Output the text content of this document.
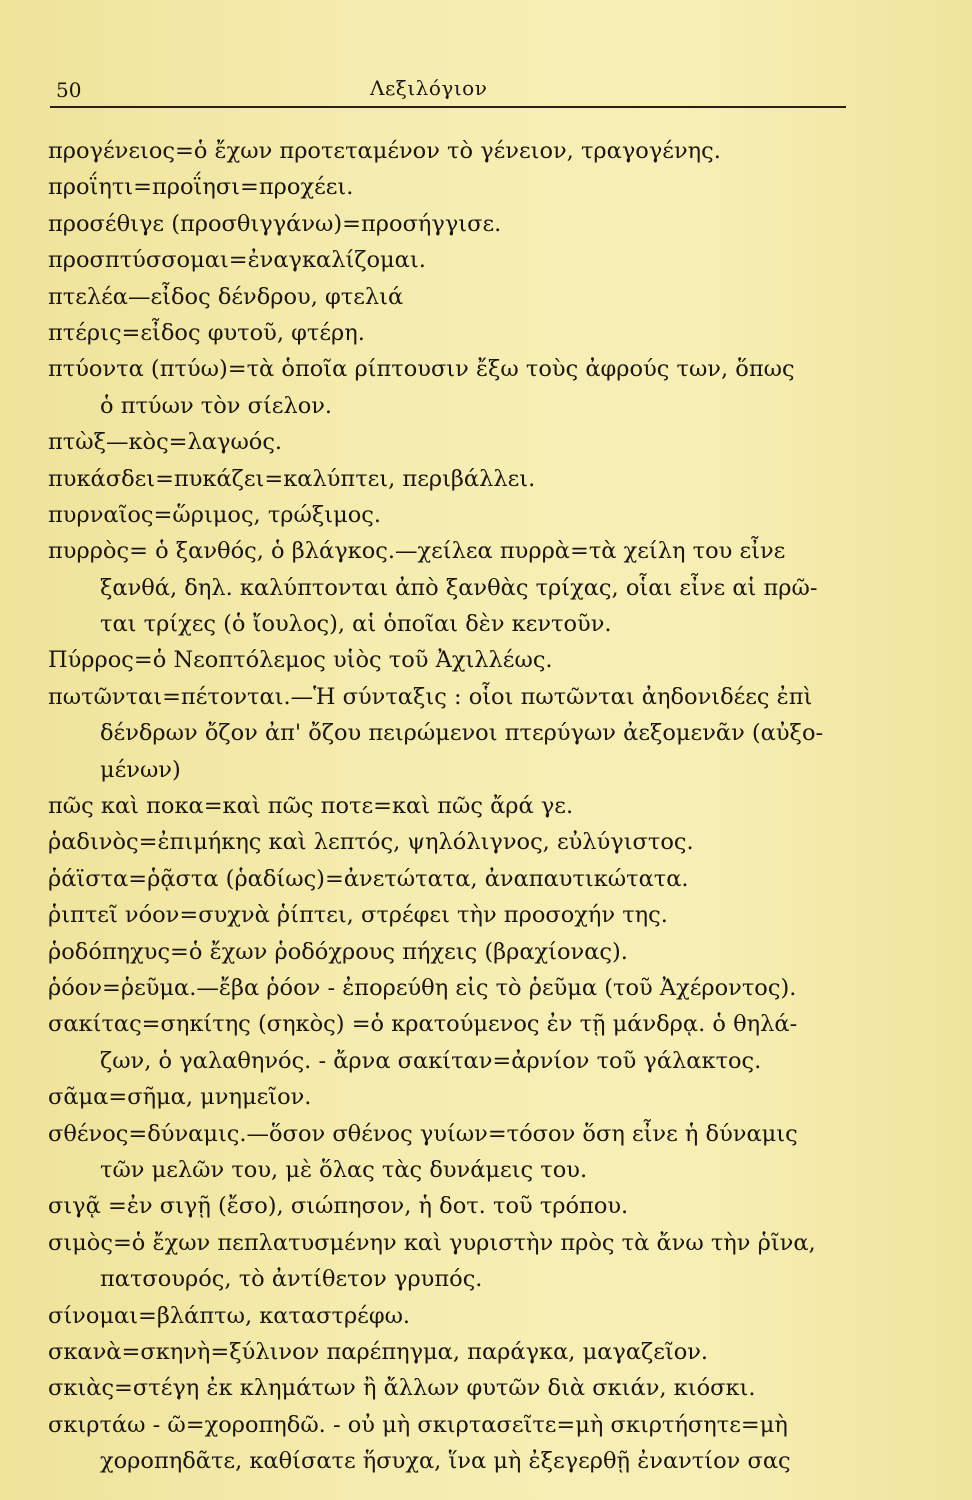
50	Λεξιλόγιον
προγένειος=ὁ ἔχων προτεταμένον τὸ γένειον, τραγογένης.
προΐητι=προΐησι=προχέει.
προσέθιγε (προσθιγγάνω)=προσήγγισε.
προσπτύσσομαι=ἐναγκαλίζομαι.
πτελέα—εἶδος δένδρου, φτελιά
πτέρις=εἶδος φυτοῦ, φτέρη.
πτύοντα (πτύω)=τὰ ὁποῖα ρίπτουσιν ἔξω τοὺς ἀφρούς των, ὅπως
ὁ πτύων τὸν σίελον.
πτὼξ—κὸς=λαγωός.
πυκάσδει=πυκάζει=καλύπτει, περιβάλλει.
πυρναῖος=ὥριμος, τρώξιμος.
πυρρὸς= ὁ ξανθός, ὁ βλάγκος.—χείλεα πυρρὰ=τὰ χείλη του εἶνε
ξανθά, δηλ. καλύπτονται ἀπὸ ξανθὰς τρίχας, οἷαι εἶνε αἱ πρῶ-
ται τρίχες (ὁ ἴουλος), αἱ ὁποῖαι δὲν κεντοῦν.
Πύρρος=ὁ Νεοπτόλεμος υἱὸς τοῦ Ἀχιλλέως.
πωτῶνται=πέτονται.—Ἡ σύνταξις : οἷοι πωτῶνται ἀηδονιδέες ἐπὶ
δένδρων ὄζον ἀπ' ὄζου πειρώμενοι πτερύγων ἀεξομενᾶν (αὐξο-
μένων)
πῶς καὶ ποκα=καὶ πῶς ποτε=καὶ πῶς ἄρά γε.
ῥαδινὸς=ἐπιμήκης καὶ λεπτός, ψηλόλιγνος, εὐλύγιστος.
ῥάϊστα=ῥᾷστα (ῥαδίως)=ἀνετώτατα, ἀναπαυτικώτατα.
ῥιπτεῖ νόον=συχνὰ ῥίπτει, στρέφει τὴν προσοχήν της.
ῥοδόπηχυς=ὁ ἔχων ῥοδόχρους πήχεις (βραχίονας).
ῥόον=ῥεῦμα.—ἔβα ῥόον - ἐπορεύθη εἰς τὸ ῥεῦμα (τοῦ Ἀχέροντος).
σακίτας=σηκίτης (σηκὸς) =ὁ κρατούμενος ἐν τῇ μάνδρᾳ. ὁ θηλά-
ζων, ὁ γαλαθηνός. - ἄρνα σακίταν=ἀρνίον τοῦ γάλακτος.
σᾶμα=σῆμα, μνημεῖον.
σθένος=δύναμις.—ὅσον σθένος γυίων=τόσον ὅση εἶνε ἡ δύναμις
τῶν μελῶν του, μὲ ὅλας τὰς δυνάμεις του.
σιγᾷ =ἐν σιγῇ (ἔσο), σιώπησον, ἡ δοτ. τοῦ τρόπου.
σιμὸς=ὁ ἔχων πεπλατυσμένην καὶ γυριστὴν πρὸς τὰ ἄνω τὴν ῥῖνα,
πατσουρός, τὸ ἀντίθετον γρυπός.
σίνομαι=βλάπτω, καταστρέφω.
σκανὰ=σκηνὴ=ξύλινον παρέπηγμα, παράγκα, μαγαζεῖον.
σκιὰς=στέγη ἐκ κλημάτων ἢ ἄλλων φυτῶν διὰ σκιάν, κιόσκι.
σκιρτάω - ῶ=χοροπηδῶ. - οὐ μὴ σκιρτασεῖτε=μὴ σκιρτήσητε=μὴ
χοροπηδᾶτε, καθίσατε ἥσυχα, ἵνα μὴ ἐξεγερθῇ ἐναντίον σας
